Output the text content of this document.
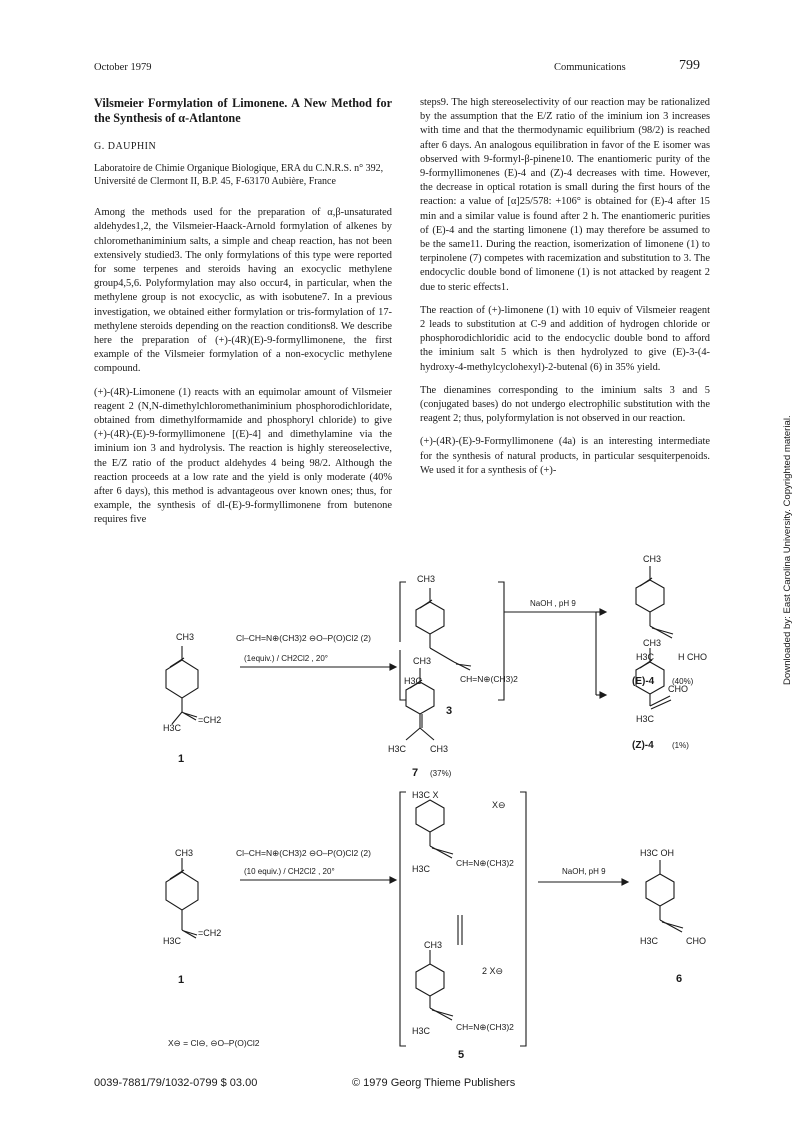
October 1979	Communications	799
Vilsmeier Formylation of Limonene. A New Method for the Synthesis of α-Atlantone
G. DAUPHIN
Laboratoire de Chimie Organique Biologique, ERA du C.N.R.S. n° 392, Université de Clermont II, B.P. 45, F-63170 Aubière, France

Among the methods used for the preparation of α,β-unsaturated aldehydes1,2, the Vilsmeier-Haack-Arnold formylation of alkenes by chloromethaniminium salts, a simple and cheap reaction, has not been extensively studied3. The only formylations of this type were reported for some terpenes and steroids having an exocyclic methylene group4,5,6. Polyformylation may also occur4, in particular, when the methylene group is not exocyclic, as with isobutene7. In a previous investigation, we obtained either formylation or tris-formylation of 17-methylene steroids depending on the reaction conditions8. We describe here the preparation of (+)-(4R)(E)-9-formyllimonene, the first example of the Vilsmeier formylation of a non-exocyclic methylene compound.

(+)-(4R)-Limonene (1) reacts with an equimolar amount of Vilsmeier reagent 2 (N,N-dimethylchloromethaniminium phosphorodichloridate, obtained from dimethylformamide and phosphoryl chloride) to give (+)-(4R)-(E)-9-formyllimonene [(E)-4] and dimethylamine via the iminium ion 3 and hydrolysis. The reaction is highly stereoselective, the E/Z ratio of the product aldehydes 4 being 98/2. Although the reaction proceeds at a low rate and the yield is only moderate (40% after 6 days), this method is advantageous over known ones; thus, for example, the synthesis of dl-(E)-9-formyllimonene from butenone requires five

steps9. The high stereoselectivity of our reaction may be rationalized by the assumption that the E/Z ratio of the iminium ion 3 increases with time and that the thermodynamic equilibrium (98/2) is reached after 6 days. An analogous equilibration in favor of the E isomer was observed with 9-formyl-β-pinene10. The enantiomeric purity of the 9-formyllimonenes (E)-4 and (Z)-4 decreases with time. However, the decrease in optical rotation is small during the first hours of the reaction: a value of [α]25/578: +106° is obtained for (E)-4 after 15 min and a similar value is found after 2 h. The enantiomeric purities of (E)-4 and the starting limonene (1) may therefore be assumed to be the same11. During the reaction, isomerization of limonene (1) to terpinolene (7) competes with racemization and substitution to 3. The endocyclic double bond of limonene (1) is not attacked by reagent 2 due to steric effects1.

The reaction of (+)-limonene (1) with 10 equiv of Vilsmeier reagent 2 leads to substitution at C-9 and addition of hydrogen chloride or phosphorodichloridic acid to the endocyclic double bond to afford the iminium salt 5 which is then hydrolyzed to give (E)-3-(4-hydroxy-4-methylcyclohexyl)-2-butenal (6) in 35% yield.

The dienamines corresponding to the iminium salts 3 and 5 (conjugated bases) do not undergo electrophilic substitution with the reagent 2; thus, polyformylation is not observed in our reaction.

(+)-(4R)-(E)-9-Formyllimonene (4a) is an interesting intermediate for the synthesis of natural products, in particular sesquiterpenoids. We used it for a synthesis of (+)-	Downloaded by: East Carolina University. Copyrighted material.
CH3
=CH2
H3C
1
Cl–CH=N⊕(CH3)2 ⊖O–P(O)Cl2 (2)
(1equiv.) / CH2Cl2 , 20°
CH3
CH=N⊕(CH3)2
H3C
3
NaOH , pH 9
CH3
H CHO
H3C
(E)-4 (40%)
CH3
CHO
H3C
(Z)-4 (1%)
CH3
H3C	CH3
7 (37%)
CH3
=CH2
H3C
1
Cl–CH=N⊕(CH3)2 ⊖O–P(O)Cl2 (2)
(10 equiv.) / CH2Cl2 , 20°
X⊖ = Cl⊖, ⊖O–P(O)Cl2
H3C X
X⊖
CH=N⊕(CH3)2
H3C
CH3
2 X⊖
CH=N⊕(CH3)2
H3C
5
NaOH, pH 9
H3C OH
CHO
H3C
6
0039-7881/79/1032-0799 $ 03.00	© 1979 Georg Thieme Publishers
